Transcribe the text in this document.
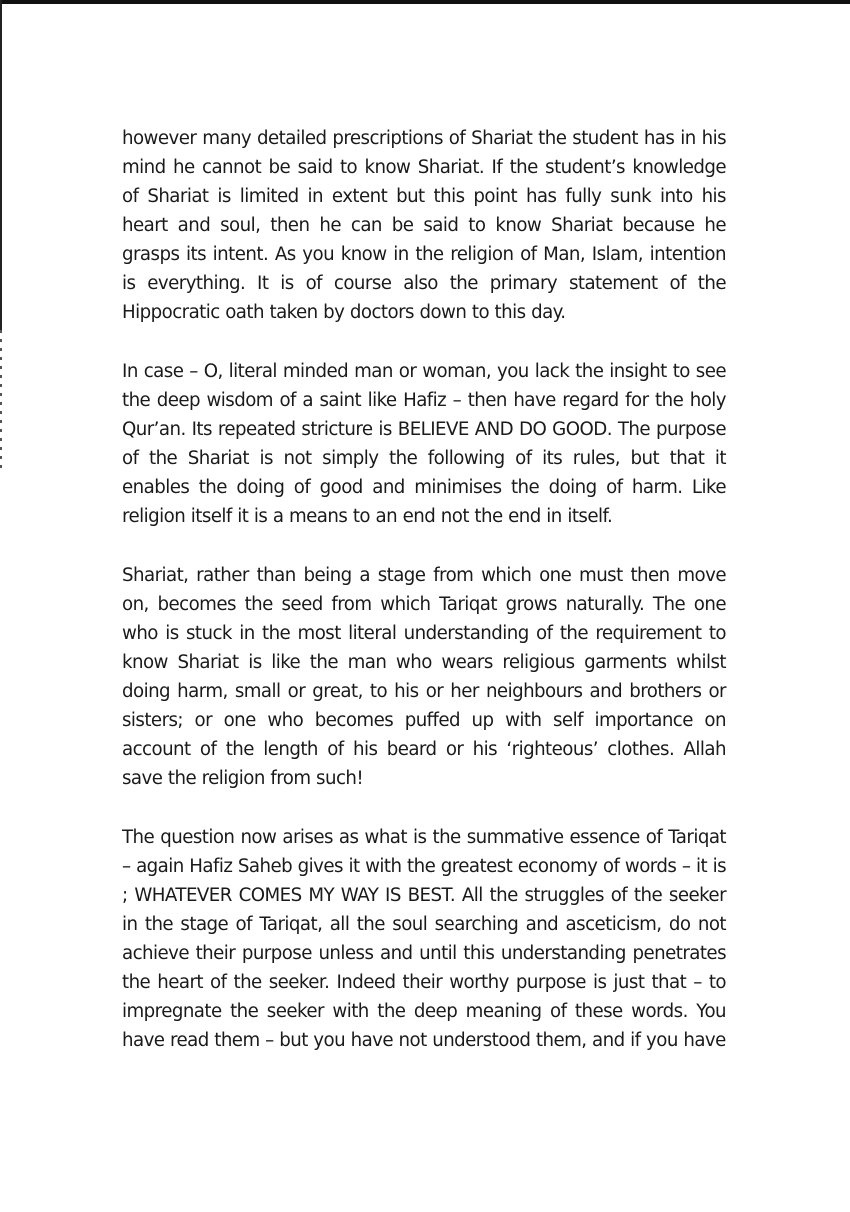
however many detailed prescriptions of Shariat the student has in his mind he cannot be said to know Shariat. If the student’s knowledge of Shariat is limited in extent but this point has fully sunk into his heart and soul, then he can be said to know Shariat because he grasps its intent. As you know in the religion of Man, Islam, intention is everything. It is of course also the primary statement of the Hippocratic oath taken by doctors down to this day.

In case – O, literal minded man or woman, you lack the insight to see the deep wisdom of a saint like Hafiz – then have regard for the holy Qur’an. Its repeated stricture is BELIEVE AND DO GOOD. The purpose of the Shariat is not simply the following of its rules, but that it enables the doing of good and minimises the doing of harm. Like religion itself it is a means to an end not the end in itself.

Shariat, rather than being a stage from which one must then move on, becomes the seed from which Tariqat grows naturally. The one who is stuck in the most literal understanding of the requirement to know Shariat is like the man who wears religious garments whilst doing harm, small or great, to his or her neighbours and brothers or sisters; or one who becomes puffed up with self importance on account of the length of his beard or his ‘righteous’ clothes. Allah save the religion from such!

The question now arises as what is the summative essence of Tariqat – again Hafiz Saheb gives it with the greatest economy of words – it is ; WHATEVER COMES MY WAY IS BEST. All the struggles of the seeker in the stage of Tariqat, all the soul searching and asceticism, do not achieve their purpose unless and until this understanding penetrates the heart of the seeker. Indeed their worthy purpose is just that – to impregnate the seeker with the deep meaning of these words. You have read them – but you have not understood them, and if you have
